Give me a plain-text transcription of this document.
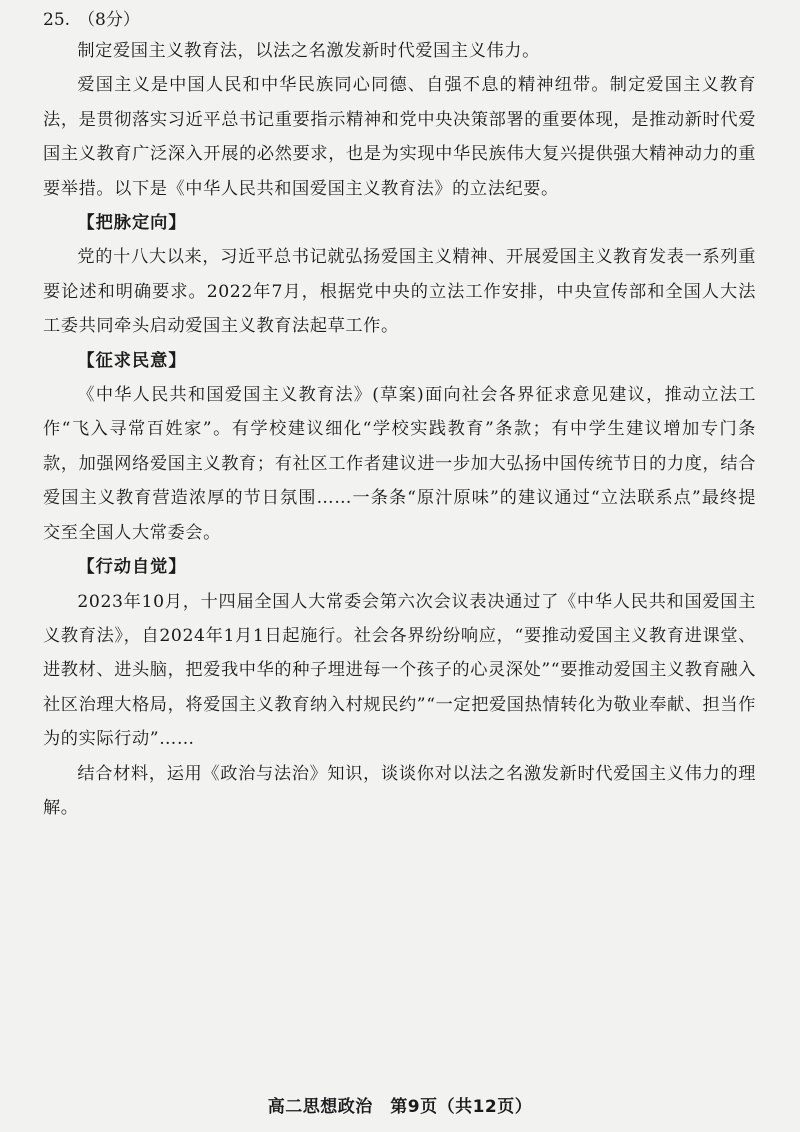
25. （8分）

制定爱国主义教育法，以法之名激发新时代爱国主义伟力。

爱国主义是中国人民和中华民族同心同德、自强不息的精神纽带。制定爱国主义教育法，是贯彻落实习近平总书记重要指示精神和党中央决策部署的重要体现，是推动新时代爱国主义教育广泛深入开展的必然要求，也是为实现中华民族伟大复兴提供强大精神动力的重要举措。以下是《中华人民共和国爱国主义教育法》的立法纪要。

【把脉定向】

党的十八大以来，习近平总书记就弘扬爱国主义精神、开展爱国主义教育发表一系列重要论述和明确要求。2022年7月，根据党中央的立法工作安排，中央宣传部和全国人大法工委共同牵头启动爱国主义教育法起草工作。

【征求民意】

《中华人民共和国爱国主义教育法》(草案)面向社会各界征求意见建议，推动立法工作“飞入寻常百姓家”。有学校建议细化“学校实践教育”条款；有中学生建议增加专门条款，加强网络爱国主义教育；有社区工作者建议进一步加大弘扬中国传统节日的力度，结合爱国主义教育营造浓厚的节日氛围……一条条“原汁原味”的建议通过“立法联系点”最终提交至全国人大常委会。

【行动自觉】

2023年10月，十四届全国人大常委会第六次会议表决通过了《中华人民共和国爱国主义教育法》，自2024年1月1日起施行。社会各界纷纷响应，“要推动爱国主义教育进课堂、进教材、进头脑，把爱我中华的种子埋进每一个孩子的心灵深处”“要推动爱国主义教育融入社区治理大格局，将爱国主义教育纳入村规民约”“一定把爱国热情转化为敬业奉献、担当作为的实际行动”……

结合材料，运用《政治与法治》知识，谈谈你对以法之名激发新时代爱国主义伟力的理解。

高二思想政治　第9页（共12页）
